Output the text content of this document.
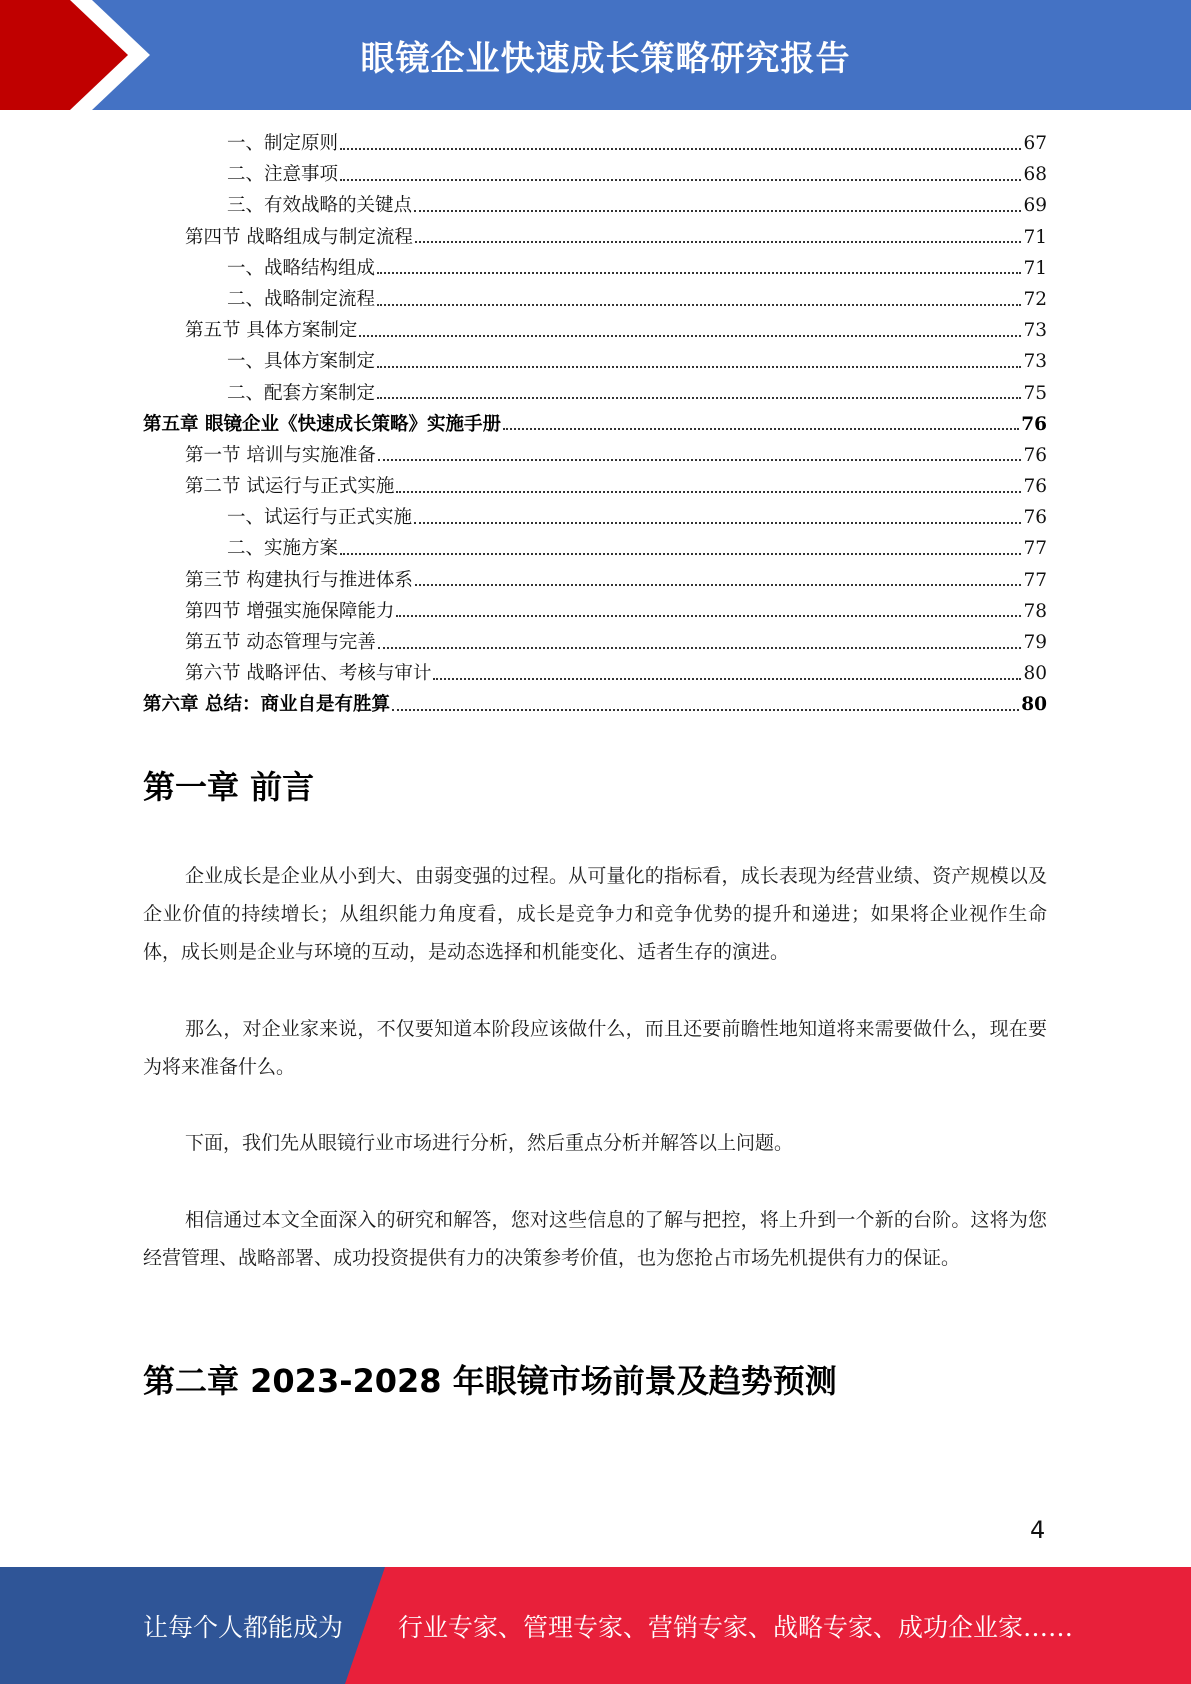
眼镜企业快速成长策略研究报告
一、制定原则	67
二、注意事项	68
三、有效战略的关键点	69
第四节 战略组成与制定流程	71
一、战略结构组成	71
二、战略制定流程	72
第五节 具体方案制定	73
一、具体方案制定	73
二、配套方案制定	75
第五章 眼镜企业《快速成长策略》实施手册	76
第一节 培训与实施准备	76
第二节 试运行与正式实施	76
一、试运行与正式实施	76
二、实施方案	77
第三节 构建执行与推进体系	77
第四节 增强实施保障能力	78
第五节 动态管理与完善	79
第六节 战略评估、考核与审计	80
第六章 总结：商业自是有胜算	80
第一章 前言
企业成长是企业从小到大、由弱变强的过程。从可量化的指标看，成长表现为经营业绩、资产规模以及企业价值的持续增长；从组织能力角度看，成长是竞争力和竞争优势的提升和递进；如果将企业视作生命体，成长则是企业与环境的互动，是动态选择和机能变化、适者生存的演进。
那么，对企业家来说，不仅要知道本阶段应该做什么，而且还要前瞻性地知道将来需要做什么，现在要为将来准备什么。
下面，我们先从眼镜行业市场进行分析，然后重点分析并解答以上问题。
相信通过本文全面深入的研究和解答，您对这些信息的了解与把控，将上升到一个新的台阶。这将为您经营管理、战略部署、成功投资提供有力的决策参考价值，也为您抢占市场先机提供有力的保证。
第二章 2023-2028 年眼镜市场前景及趋势预测
4
让每个人都能成为 行业专家、管理专家、营销专家、战略专家、成功企业家……
